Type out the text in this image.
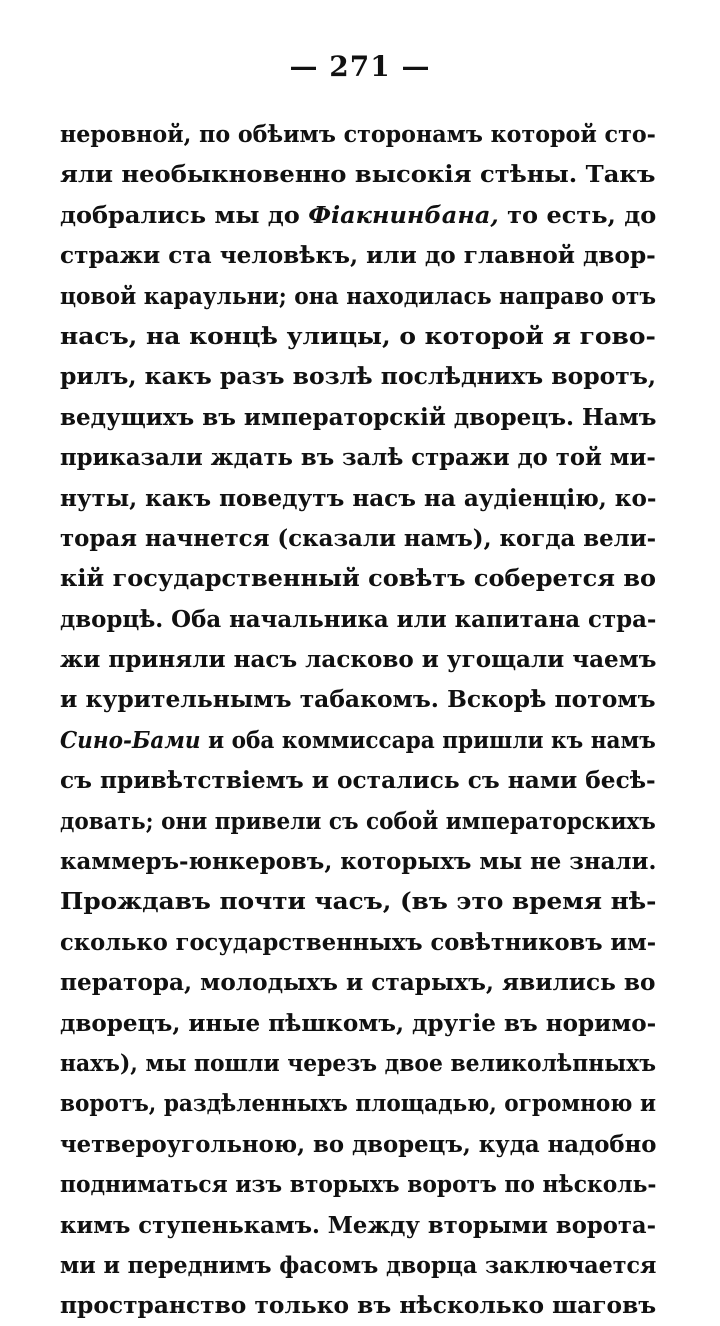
— 271 —
неровной, по обѣимъ сторонамъ которой сто-
яли необыкновенно высокія стѣны. Такъ
добрались мы до Фіакнинбана, то есть, до
стражи ста человѣкъ, или до главной двор-
цовой караульни; она находилась направо отъ
насъ, на концѣ улицы, о которой я гово-
рилъ, какъ разъ возлѣ послѣднихъ воротъ,
ведущихъ въ императорскій дворецъ. Намъ
приказали ждать въ залѣ стражи до той ми-
нуты, какъ поведутъ насъ на аудіенцію, ко-
торая начнется (сказали намъ), когда вели-
кій государственный совѣтъ соберется во
дворцѣ. Оба начальника или капитана стра-
жи приняли насъ ласково и угощали чаемъ
и курительнымъ табакомъ. Вскорѣ потомъ
Сино-Бами и оба коммиссара пришли къ намъ
съ привѣтствіемъ и остались съ нами бесѣ-
довать; они привели съ собой императорскихъ
каммеръ-юнкеровъ, которыхъ мы не знали.
Прождавъ почти часъ, (въ это время нѣ-
сколько государственныхъ совѣтниковъ им-
ператора, молодыхъ и старыхъ, явились во
дворецъ, иные пѣшкомъ, другіе въ норимо-
нахъ), мы пошли черезъ двое великолѣпныхъ
воротъ, раздѣленныхъ площадью, огромною и
четвероугольною, во дворецъ, куда надобно
подниматься изъ вторыхъ воротъ по нѣсколь-
кимъ ступенькамъ. Между вторыми ворота-
ми и переднимъ фасомъ дворца заключается
пространство только въ нѣсколько шаговъ
